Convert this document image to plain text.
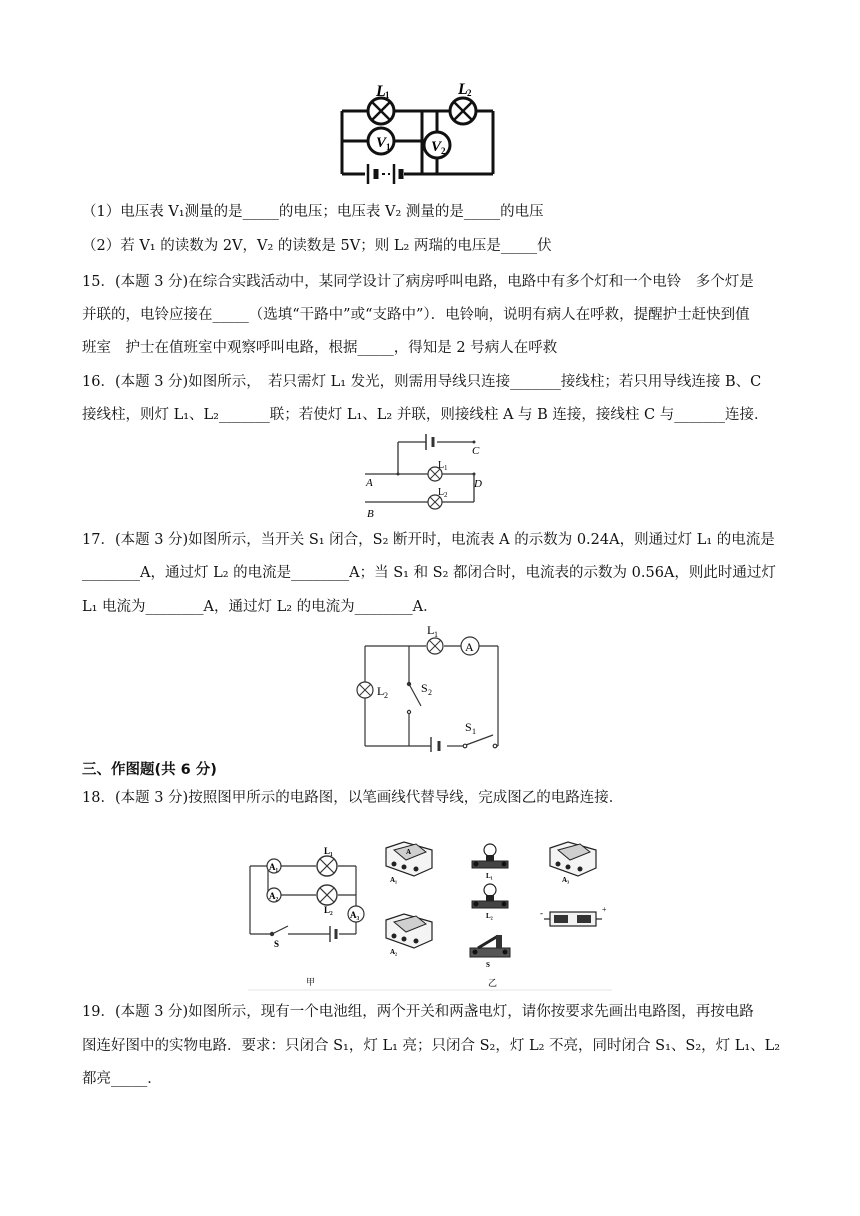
V 1	V 2
L 1	L 2
（1）电压表 V₁测量的是_____的电压；电压表 V₂ 测量的是_____的电压
（2）若 V₁ 的读数为 2V，V₂ 的读数是 5V；则 L₂ 两瑞的电压是_____伏
15．(本题 3 分)在综合实践活动中，某同学设计了病房呼叫电路，电路中有多个灯和一个电铃　多个灯是
并联的，电铃应接在_____（选填“干路中”或“支路中”）．电铃响，说明有病人在呼救，提醒护士赶快到值
班室　护士在值班室中观察呼叫电路，根据_____，得知是 2 号病人在呼救
16．(本题 3 分)如图所示，　若只需灯 L₁ 发光，则需用导线只连接_______接线柱；若只用导线连接 B、C
接线柱，则灯 L₁、L₂_______联；若使灯 L₁、L₂ 并联，则接线柱 A 与 B 连接，接线柱 C 与_______连接．
C
L 1
A	D
L 2
B
17．(本题 3 分)如图所示，当开关 S₁ 闭合，S₂ 断开时，电流表 A 的示数为 0.24A，则通过灯 L₁ 的电流是
________A，通过灯 L₂ 的电流是________A；当 S₁ 和 S₂ 都闭合时，电流表的示数为 0.56A，则此时通过灯
L₁ 电流为________A，通过灯 L₂ 的电流为________A．
A
L 1
L 2
S 2
S 1
三、作图题(共 6 分)
18．(本题 3 分)按照图甲所示的电路图，以笔画线代替导线，完成图乙的电路连接．
A₁
A₂
A₃
L₁
L₂
S
甲
A
A₁
A₂
A₃
L₁
L₂
S
-	+
乙
19．(本题 3 分)如图所示，现有一个电池组，两个开关和两盏电灯，请你按要求先画出电路图，再按电路
图连好图中的实物电路．要求：只闭合 S₁，灯 L₁ 亮；只闭合 S₂，灯 L₂ 不亮，同时闭合 S₁、S₂，灯 L₁、L₂
都亮_____．
